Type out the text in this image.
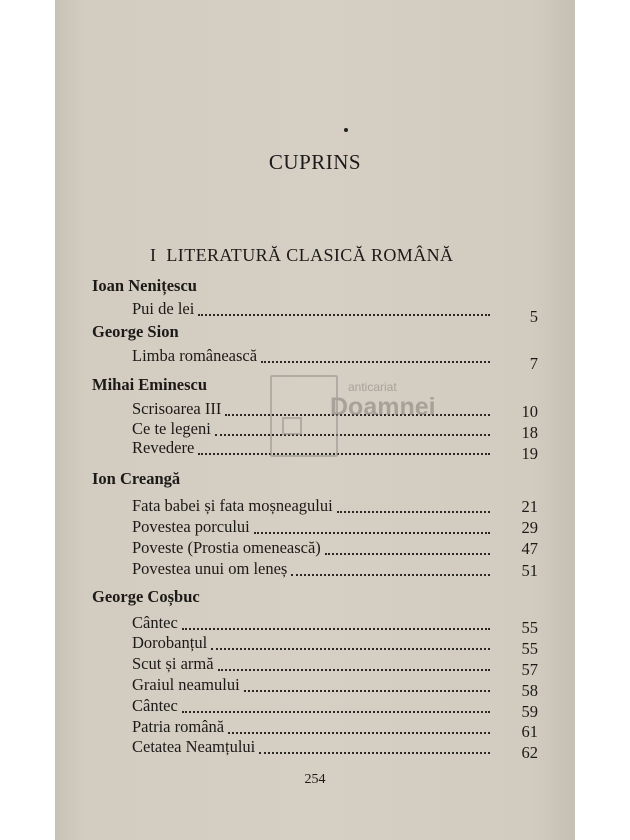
CUPRINS
I LITERATURĂ CLASICĂ ROMÂNĂ
Ioan Nenițescu
Pui de lei	5
George Sion
Limba românească	7
Mihai Eminescu
Scrisoarea III	10
Ce te legeni	18
Revedere	19
Ion Creangă
Fata babei și fata moșneagului	21
Povestea porcului	29
Poveste (Prostia omenească)	47
Povestea unui om leneș	51
George Coșbuc
Cântec	55
Dorobanțul	55
Scut și armă	57
Graiul neamului	58
Cântec	59
Patria română	61
Cetatea Neamțului	62
254
anticariat
Doamnei
